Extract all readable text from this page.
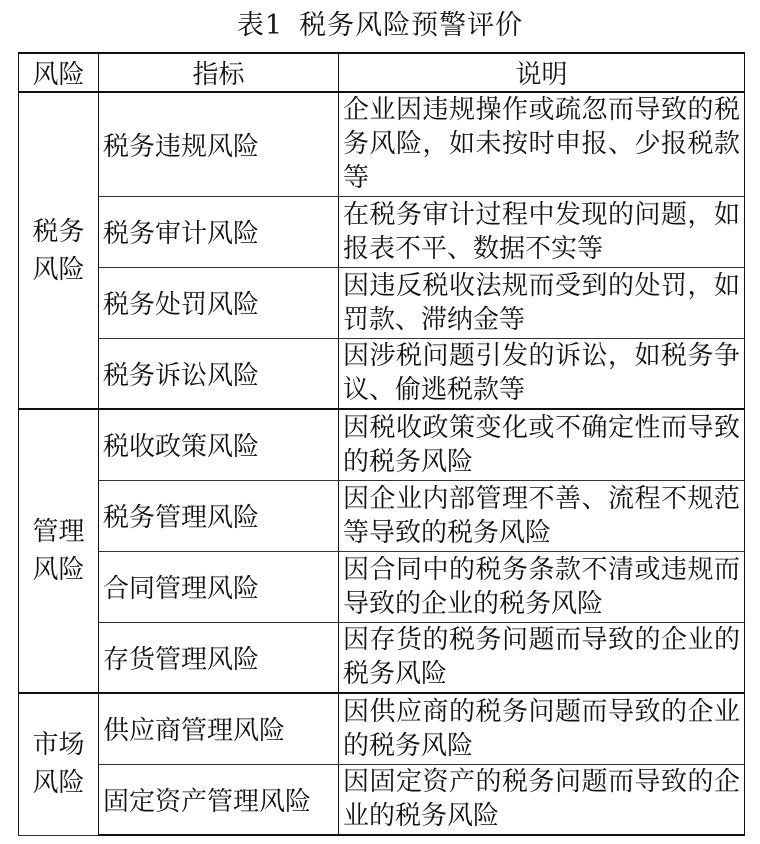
表1 税务风险预警评价
风险	指标	说明

税务
风险	税务违规风险	企业因违规操作或疏忽而导致的税务风险，如未按时申报、少报税款等
	税务审计风险	在税务审计过程中发现的问题，如报表不平、数据不实等
	税务处罚风险	因违反税收法规而受到的处罚，如罚款、滞纳金等
	税务诉讼风险	因涉税问题引发的诉讼，如税务争议、偷逃税款等

管理
风险	税收政策风险	因税收政策变化或不确定性而导致的税务风险
	税务管理风险	因企业内部管理不善、流程不规范等导致的税务风险
	合同管理风险	因合同中的税务条款不清或违规而导致的企业的税务风险
	存货管理风险	因存货的税务问题而导致的企业的税务风险

市场
风险	供应商管理风险	因供应商的税务问题而导致的企业的税务风险
	固定资产管理风险	因固定资产的税务问题而导致的企业的税务风险
